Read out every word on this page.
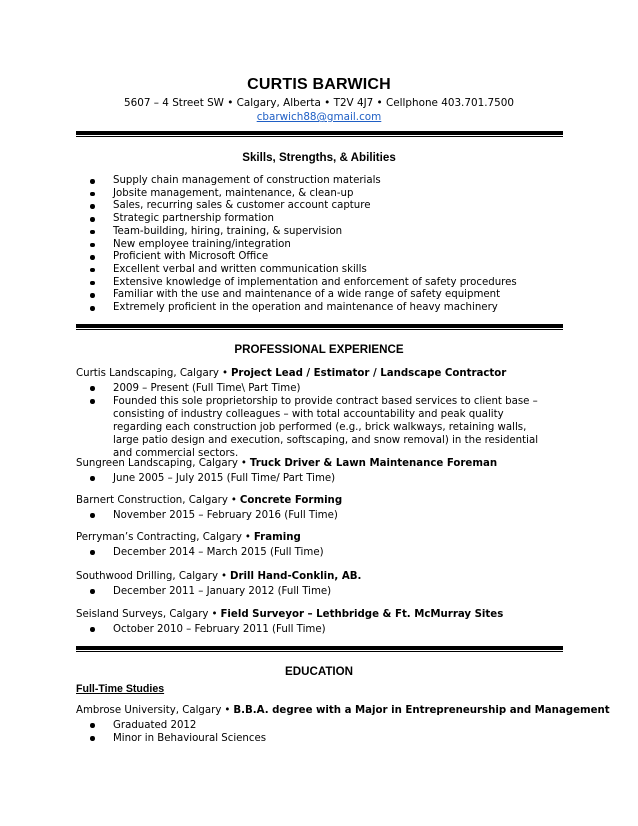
CURTIS BARWICH
5607 – 4 Street SW • Calgary, Alberta • T2V 4J7 • Cellphone 403.701.7500
cbarwich88@gmail.com
Skills, Strengths, & Abilities
Supply chain management of construction materials
Jobsite management, maintenance, & clean-up
Sales, recurring sales & customer account capture
Strategic partnership formation
Team-building, hiring, training, & supervision
New employee training/integration
Proficient with Microsoft Office
Excellent verbal and written communication skills
Extensive knowledge of implementation and enforcement of safety procedures
Familiar with the use and maintenance of a wide range of safety equipment
Extremely proficient in the operation and maintenance of heavy machinery
PROFESSIONAL EXPERIENCE
Curtis Landscaping, Calgary • Project Lead / Estimator / Landscape Contractor
2009 – Present (Full Time\ Part Time)
Founded this sole proprietorship to provide contract based services to client base – consisting of industry colleagues – with total accountability and peak quality regarding each construction job performed (e.g., brick walkways, retaining walls, large patio design and execution, softscaping, and snow removal) in the residential and commercial sectors.
Sungreen Landscaping, Calgary • Truck Driver & Lawn Maintenance Foreman
June 2005 – July 2015 (Full Time/ Part Time)
Barnert Construction, Calgary • Concrete Forming
November 2015 – February 2016 (Full Time)
Perryman’s Contracting, Calgary • Framing
December 2014 – March 2015 (Full Time)
Southwood Drilling, Calgary • Drill Hand-Conklin, AB.
December 2011 – January 2012 (Full Time)
Seisland Surveys, Calgary • Field Surveyor – Lethbridge & Ft. McMurray Sites
October 2010 – February 2011 (Full Time)
EDUCATION
Full-Time Studies
Ambrose University, Calgary • B.B.A. degree with a Major in Entrepreneurship and Management
Graduated 2012
Minor in Behavioural Sciences
